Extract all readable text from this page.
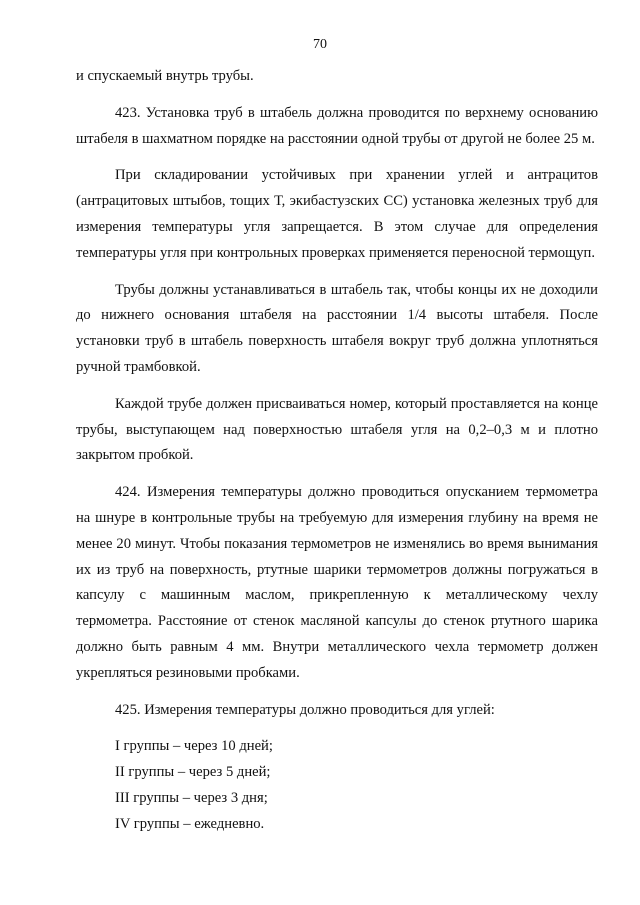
70

и спускаемый внутрь трубы.

423. Установка труб в штабель должна проводится по верхнему основанию штабеля в шахматном порядке на расстоянии одной трубы от другой не более 25 м.

При складировании устойчивых при хранении углей и антрацитов (антрацитовых штыбов, тощих Т, экибастузских СС) установка железных труб для измерения температуры угля запрещается. В этом случае для определения температуры угля при контрольных проверках применяется переносной термощуп.

Трубы должны устанавливаться в штабель так, чтобы концы их не доходили до нижнего основания штабеля на расстоянии 1/4 высоты штабеля. После установки труб в штабель поверхность штабеля вокруг труб должна уплотняться ручной трамбовкой.

Каждой трубе должен присваиваться номер, который проставляется на конце трубы, выступающем над поверхностью штабеля угля на 0,2–0,3 м и плотно закрытом пробкой.

424. Измерения температуры должно проводиться опусканием термометра на шнуре в контрольные трубы на требуемую для измерения глубину на время не менее 20 минут. Чтобы показания термометров не изменялись во время вынимания их из труб на поверхность, ртутные шарики термометров должны погружаться в капсулу с машинным маслом, прикрепленную к металлическому чехлу термометра. Расстояние от стенок масляной капсулы до стенок ртутного шарика должно быть равным 4 мм. Внутри металлического чехла термометр должен укрепляться резиновыми пробками.

425. Измерения температуры должно проводиться для углей:

I группы – через 10 дней;

II группы – через 5 дней;

III группы – через 3 дня;

IV группы – ежедневно.
